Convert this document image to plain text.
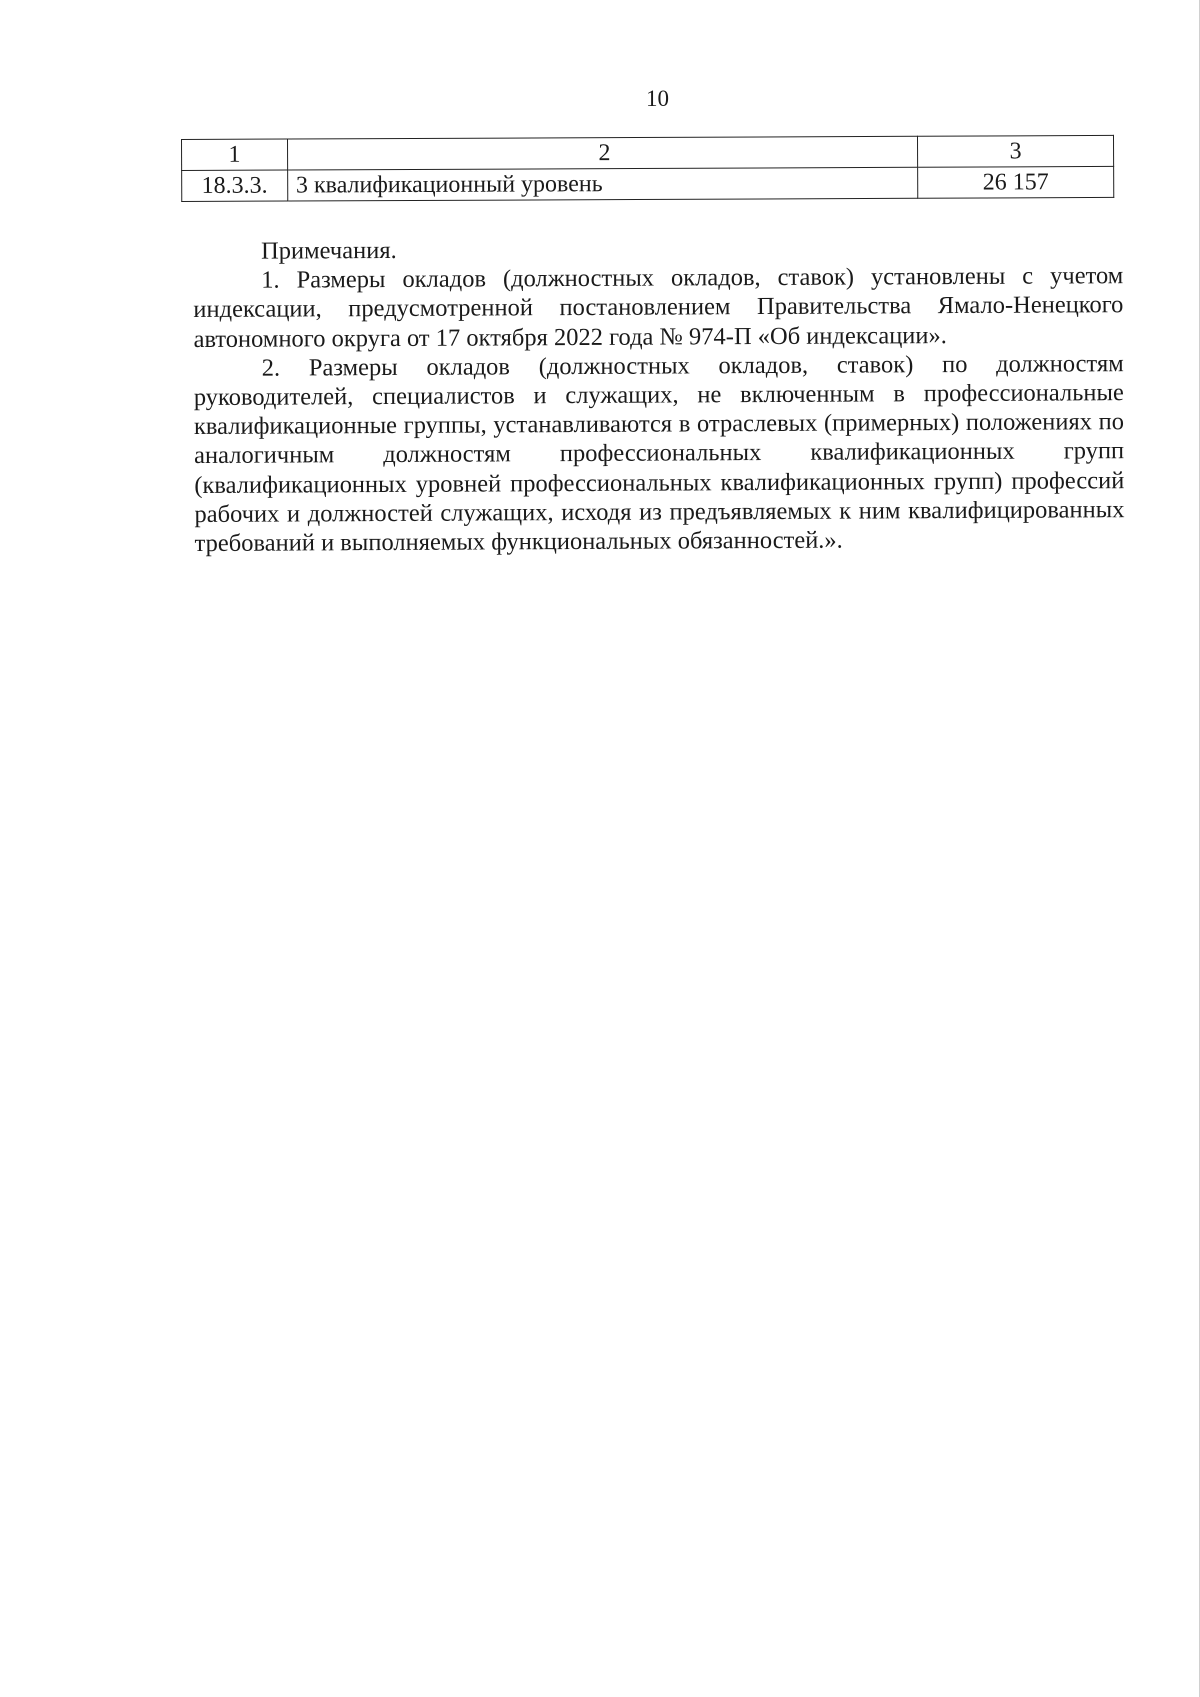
10
1	2	3
18.3.3.	3 квалификационный уровень	26 157
Примечания.

1. Размеры окладов (должностных окладов, ставок) установлены с учетом индексации, предусмотренной постановлением Правительства Ямало-Ненецкого автономного округа от 17 октября 2022 года № 974-П «Об индексации».

2. Размеры окладов (должностных окладов, ставок) по должностям руководителей, специалистов и служащих, не включенным в профессиональные квалификационные группы, устанавливаются в отраслевых (примерных) положениях по аналогичным должностям профессиональных квалификационных групп (квалификационных уровней профессиональных квалификационных групп) профессий рабочих и должностей служащих, исходя из предъявляемых к ним квалифицированных требований и выполняемых функциональных обязанностей.».
